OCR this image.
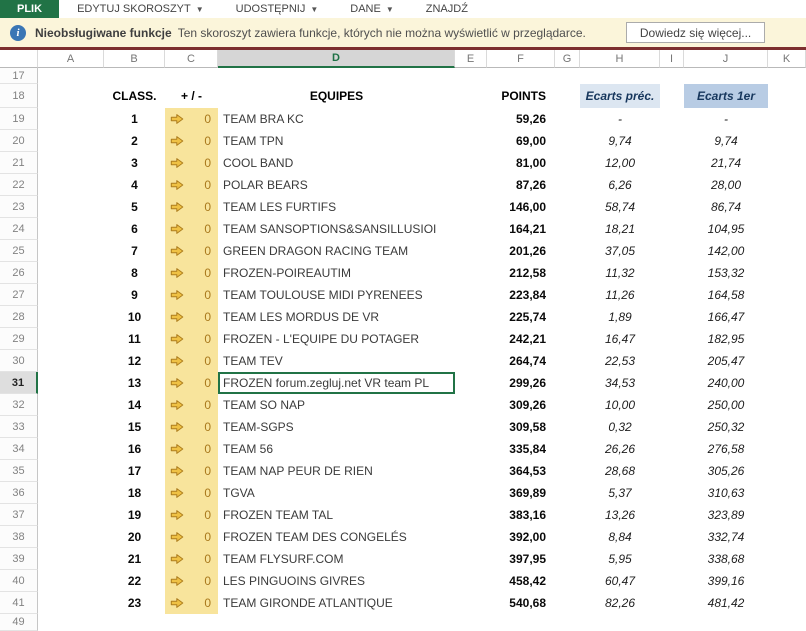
PLIK	EDYTUJ SKOROSZYT ▼	UDOSTĘPNIJ ▼	DANE ▼	ZNAJDŹ
i	Nieobsługiwane funkcje Ten skoroszyt zawiera funkcje, których nie można wyświetlić w przeglądarce.	Dowiedz się więcej...
A	B	C	D	E	F	G	H	I	J	K
17
18	CLASS.	+ / -	EQUIPES	POINTS	Ecarts préc.	Ecarts 1er
19	1	0	TEAM BRA KC	59,26	-	-
20	2	0	TEAM TPN	69,00	9,74	9,74
21	3	0	COOL BAND	81,00	12,00	21,74
22	4	0	POLAR BEARS	87,26	6,26	28,00
23	5	0	TEAM LES FURTIFS	146,00	58,74	86,74
24	6	0	TEAM SANSOPTIONS&SANSILLUSIOI	164,21	18,21	104,95
25	7	0	GREEN DRAGON RACING TEAM	201,26	37,05	142,00
26	8	0	FROZEN-POIREAUTIM	212,58	11,32	153,32
27	9	0	TEAM TOULOUSE MIDI PYRENEES	223,84	11,26	164,58
28	10	0	TEAM LES MORDUS DE VR	225,74	1,89	166,47
29	11	0	FROZEN - L'EQUIPE DU POTAGER	242,21	16,47	182,95
30	12	0	TEAM TEV	264,74	22,53	205,47
31	13	0	FROZEN forum.zegluj.net VR team PL	299,26	34,53	240,00
32	14	0	TEAM SO NAP	309,26	10,00	250,00
33	15	0	TEAM-SGPS	309,58	0,32	250,32
34	16	0	TEAM 56	335,84	26,26	276,58
35	17	0	TEAM NAP PEUR DE RIEN	364,53	28,68	305,26
36	18	0	TGVA	369,89	5,37	310,63
37	19	0	FROZEN TEAM TAL	383,16	13,26	323,89
38	20	0	FROZEN TEAM DES CONGELÉS	392,00	8,84	332,74
39	21	0	TEAM FLYSURF.COM	397,95	5,95	338,68
40	22	0	LES PINGUOINS GIVRES	458,42	60,47	399,16
41	23	0	TEAM GIRONDE ATLANTIQUE	540,68	82,26	481,42
49
